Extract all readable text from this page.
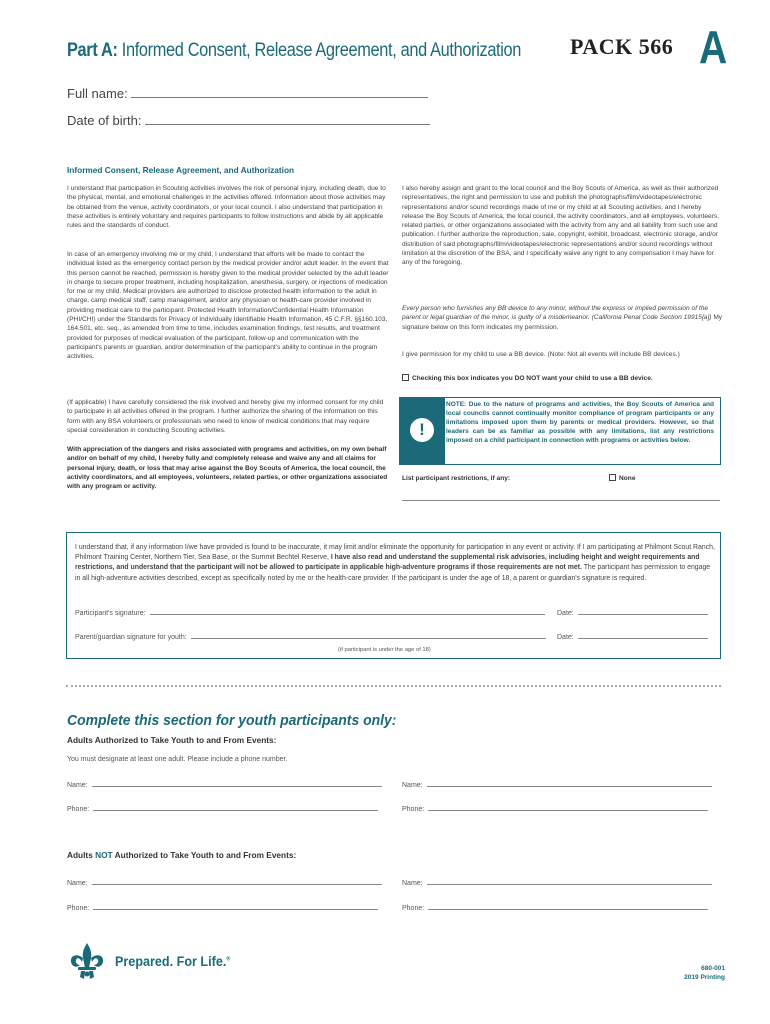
Part A: Informed Consent, Release Agreement, and Authorization PACK 566 A
Full name:
Date of birth:
Informed Consent, Release Agreement, and Authorization
I understand that participation in Scouting activities involves the risk of personal injury, including death, due to the physical, mental, and emotional challenges in the activities offered. Information about those activities may be obtained from the venue, activity coordinators, or your local council. I also understand that participation in these activities is entirely voluntary and requires participants to follow instructions and abide by all applicable rules and the standards of conduct.
In case of an emergency involving me or my child, I understand that efforts will be made to contact the individual listed as the emergency contact person by the medical provider and/or adult leader. In the event that this person cannot be reached, permission is hereby given to the medical provider selected by the adult leader in charge to secure proper treatment, including hospitalization, anesthesia, surgery, or injections of medication for me or my child. Medical providers are authorized to disclose protected health information to the adult in charge, camp medical staff, camp management, and/or any physician or health-care provider involved in providing medical care to the participant. Protected Health Information/Confidential Health Information (PHI/CHI) under the Standards for Privacy of Individually Identifiable Health Information, 45 C.F.R. §§160.103, 164.501, etc. seq., as amended from time to time, includes examination findings, test results, and treatment provided for purposes of medical evaluation of the participant, follow-up and communication with the participant's parents or guardian, and/or determination of the participant's ability to continue in the program activities.
(If applicable) I have carefully considered the risk involved and hereby give my informed consent for my child to participate in all activities offered in the program. I further authorize the sharing of the information on this form with any BSA volunteers or professionals who need to know of medical conditions that may require special consideration in conducting Scouting activities.
With appreciation of the dangers and risks associated with programs and activities, on my own behalf and/or on behalf of my child, I hereby fully and completely release and waive any and all claims for personal injury, death, or loss that may arise against the Boy Scouts of America, the local council, the activity coordinators, and all employees, volunteers, related parties, or other organizations associated with any program or activity.
I also hereby assign and grant to the local council and the Boy Scouts of America, as well as their authorized representatives, the right and permission to use and publish the photographs/film/videotapes/electronic representations and/or sound recordings made of me or my child at all Scouting activities, and I hereby release the Boy Scouts of America, the local council, the activity coordinators, and all employees, volunteers, related parties, or other organizations associated with the activity from any and all liability from such use and publication. I further authorize the reproduction, sale, copyright, exhibit, broadcast, electronic storage, and/or distribution of said photographs/film/videotapes/electronic representations and/or sound recordings without limitation at the discretion of the BSA, and I specifically waive any right to any compensation I may have for any of the foregoing.
Every person who furnishes any BB device to any minor, without the express or implied permission of the parent or legal guardian of the minor, is guilty of a misdemeanor. (California Penal Code Section 19915[a]) My signature below on this form indicates my permission.
I give permission for my child to use a BB device. (Note: Not all events will include BB devices.)
Checking this box indicates you DO NOT want your child to use a BB device.
!
NOTE: Due to the nature of programs and activities, the Boy Scouts of America and local councils cannot continually monitor compliance of program participants or any limitations imposed upon them by parents or medical providers. However, so that leaders can be as familiar as possible with any limitations, list any restrictions imposed on a child participant in connection with programs or activities below.
List participant restrictions, if any:	None
I understand that, if any information I/we have provided is found to be inaccurate, it may limit and/or eliminate the opportunity for participation in any event or activity. If I am participating at Philmont Scout Ranch, Philmont Training Center, Northern Tier, Sea Base, or the Summit Bechtel Reserve, I have also read and understand the supplemental risk advisories, including height and weight requirements and restrictions, and understand that the participant will not be allowed to participate in applicable high-adventure programs if those requirements are not met. The participant has permission to engage in all high-adventure activities described, except as specifically noted by me or the health-care provider. If the participant is under the age of 18, a parent or guardian's signature is required.
Participant's signature:	Date:
Parent/guardian signature for youth:	Date:
(if participant is under the age of 18)
Complete this section for youth participants only:
Adults Authorized to Take Youth to and From Events:
You must designate at least one adult. Please include a phone number.
Name:	Name:
Phone:	Phone:
Adults NOT Authorized to Take Youth to and From Events:
Name:	Name:
Phone:	Phone:
Prepared. For Life.®
680-001
2019 Printing
